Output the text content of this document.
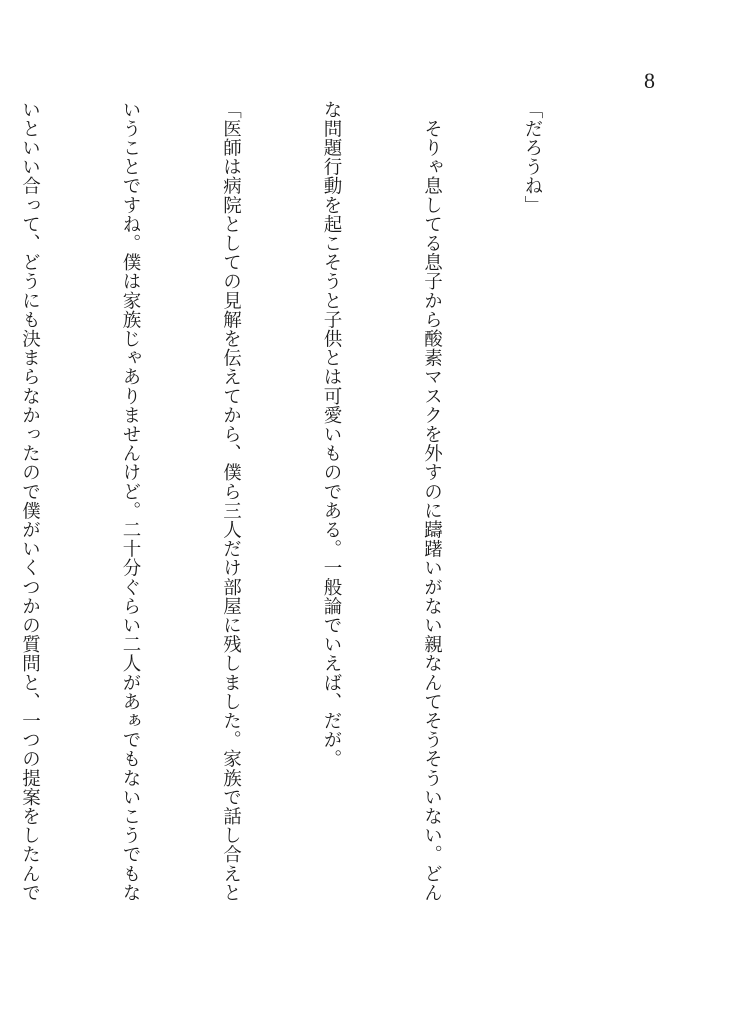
8

「だろうね」

　そりゃ息してる息子から酸素マスクを外すのに躊躇いがない親なんてそうそういない。どん

な問題行動を起こそうと子供とは可愛いものである。一般論でいえば、だが。

「医師は病院としての見解を伝えてから、僕ら三人だけ部屋に残しました。家族で話し合えと

いうことですね。僕は家族じゃありませんけど。二十分ぐらい二人があぁでもないこうでもな

いといい合って、どうにも決まらなかったので僕がいくつかの質問と、一つの提案をしたんで
